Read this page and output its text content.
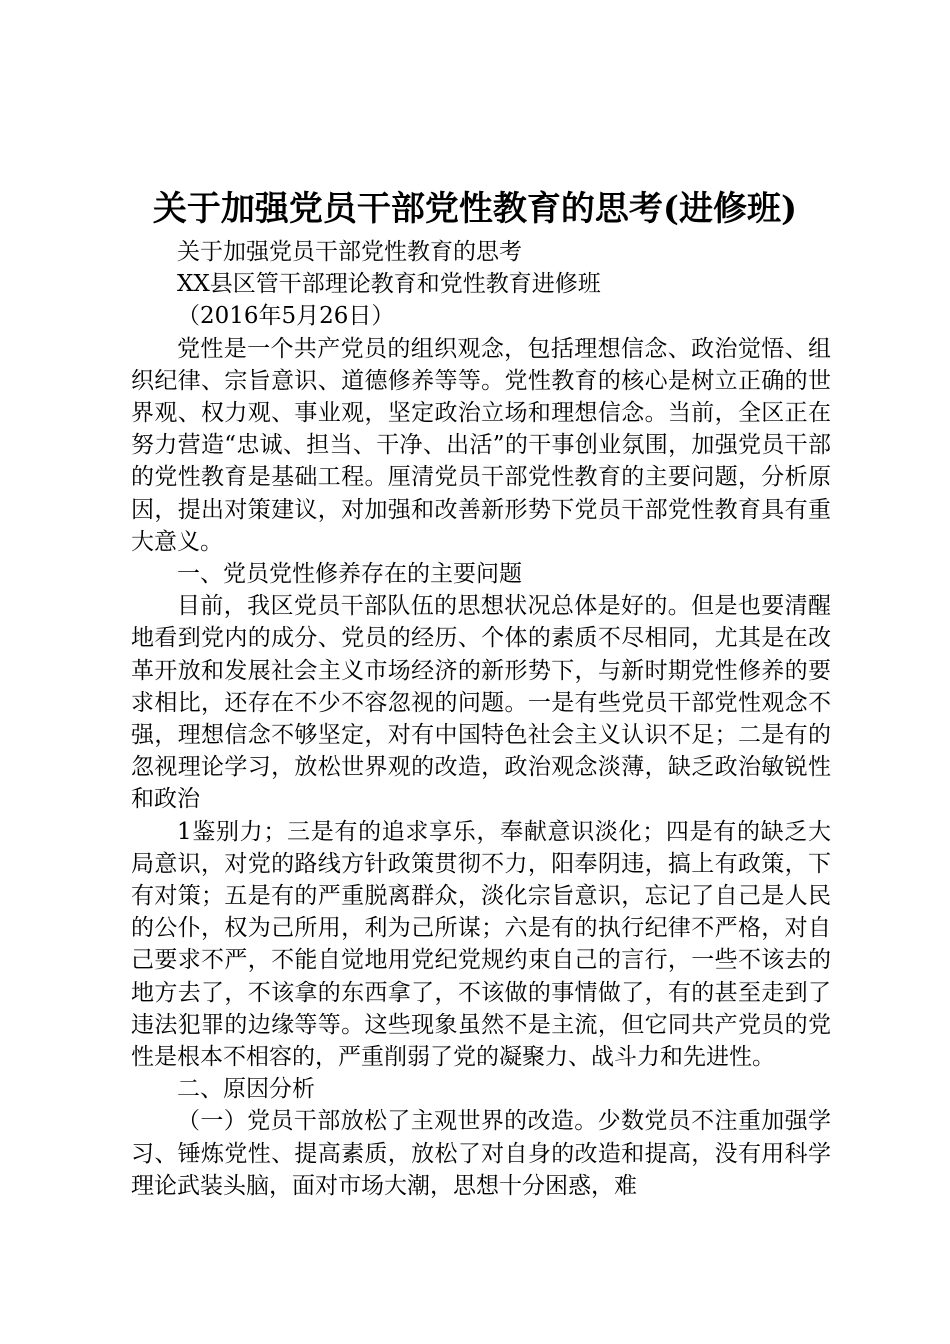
关于加强党员干部党性教育的思考(进修班)

关于加强党员干部党性教育的思考

XX县区管干部理论教育和党性教育进修班

（2016年5月26日）

党性是一个共产党员的组织观念，包括理想信念、政治觉悟、组织纪律、宗旨意识、道德修养等等。党性教育的核心是树立正确的世界观、权力观、事业观，坚定政治立场和理想信念。当前，全区正在努力营造“忠诚、担当、干净、出活”的干事创业氛围，加强党员干部的党性教育是基础工程。厘清党员干部党性教育的主要问题，分析原因，提出对策建议，对加强和改善新形势下党员干部党性教育具有重大意义。

一、党员党性修养存在的主要问题

目前，我区党员干部队伍的思想状况总体是好的。但是也要清醒地看到党内的成分、党员的经历、个体的素质不尽相同，尤其是在改革开放和发展社会主义市场经济的新形势下，与新时期党性修养的要求相比，还存在不少不容忽视的问题。一是有些党员干部党性观念不强，理想信念不够坚定，对有中国特色社会主义认识不足；二是有的忽视理论学习，放松世界观的改造，政治观念淡薄，缺乏政治敏锐性和政治

1鉴别力；三是有的追求享乐，奉献意识淡化；四是有的缺乏大局意识，对党的路线方针政策贯彻不力，阳奉阴违，搞上有政策，下有对策；五是有的严重脱离群众，淡化宗旨意识，忘记了自己是人民的公仆，权为己所用，利为己所谋；六是有的执行纪律不严格，对自己要求不严，不能自觉地用党纪党规约束自己的言行，一些不该去的地方去了，不该拿的东西拿了，不该做的事情做了，有的甚至走到了违法犯罪的边缘等等。这些现象虽然不是主流，但它同共产党员的党性是根本不相容的，严重削弱了党的凝聚力、战斗力和先进性。

二、原因分析

（一）党员干部放松了主观世界的改造。少数党员不注重加强学习、锤炼党性、提高素质，放松了对自身的改造和提高，没有用科学理论武装头脑，面对市场大潮，思想十分困惑，难
